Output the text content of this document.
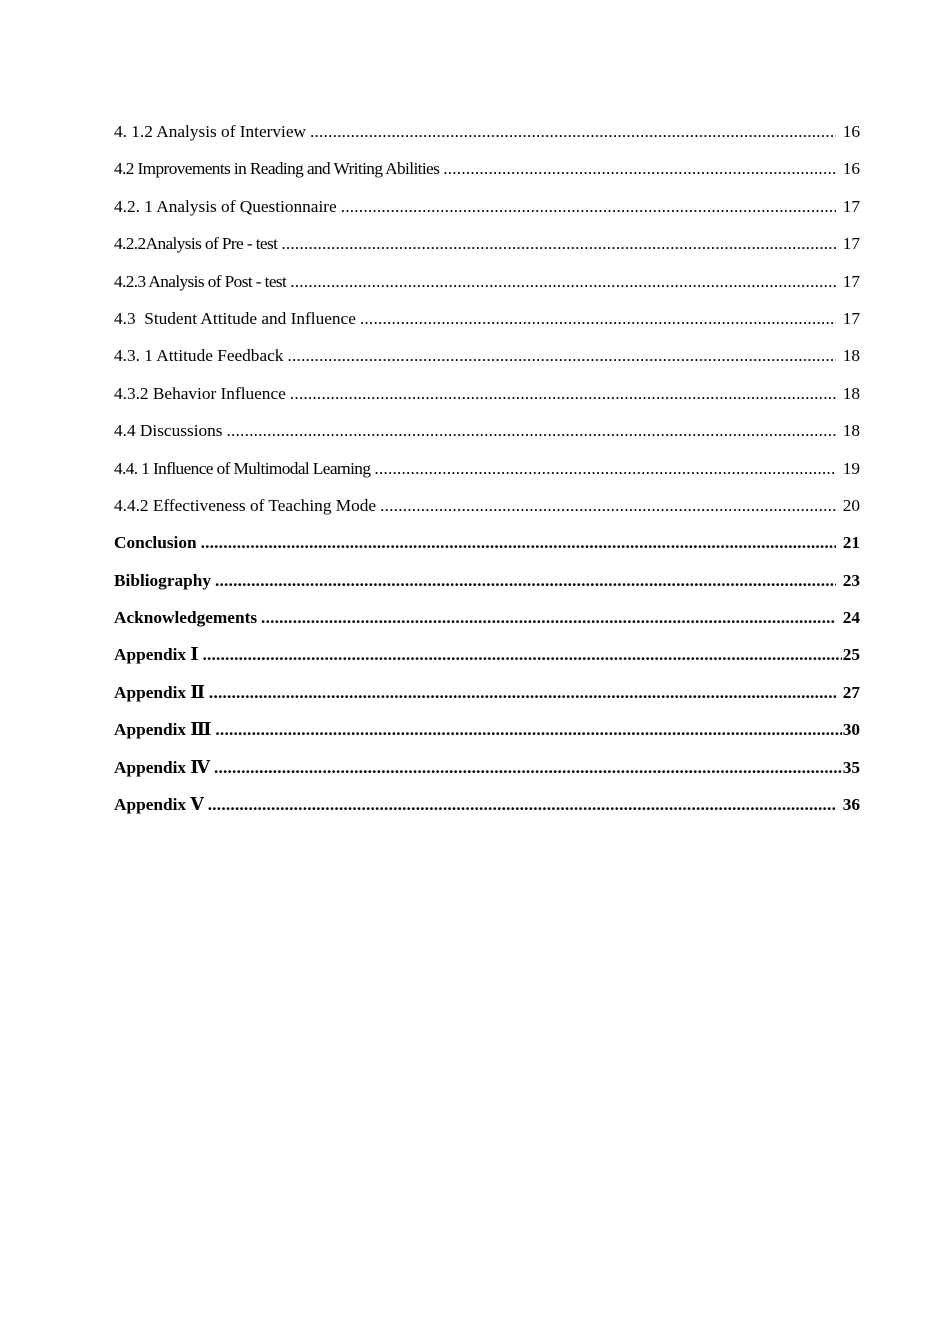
4. 1.2 Analysis of Interview .....	16
4.2 Improvements in Reading and Writing Abilities .....	16
4.2. 1 Analysis of Questionnaire .....	17
4.2.2Analysis of Pre - test .....	17
4.2.3 Analysis of Post - test .....	17
4.3  Student Attitude and Influence .....	17
4.3. 1 Attitude Feedback .....	18
4.3.2 Behavior Influence .....	18
4.4 Discussions .....	18
4.4. 1 Influence of Multimodal Learning .....	19
4.4.2 Effectiveness of Teaching Mode .....	20
Conclusion .....	21
Bibliography .....	23
Acknowledgements .....	24
Appendix Ⅰ .....	25
Appendix Ⅱ .....	27
Appendix Ⅲ .....	30
Appendix Ⅳ .....	35
Appendix Ⅴ .....	36
